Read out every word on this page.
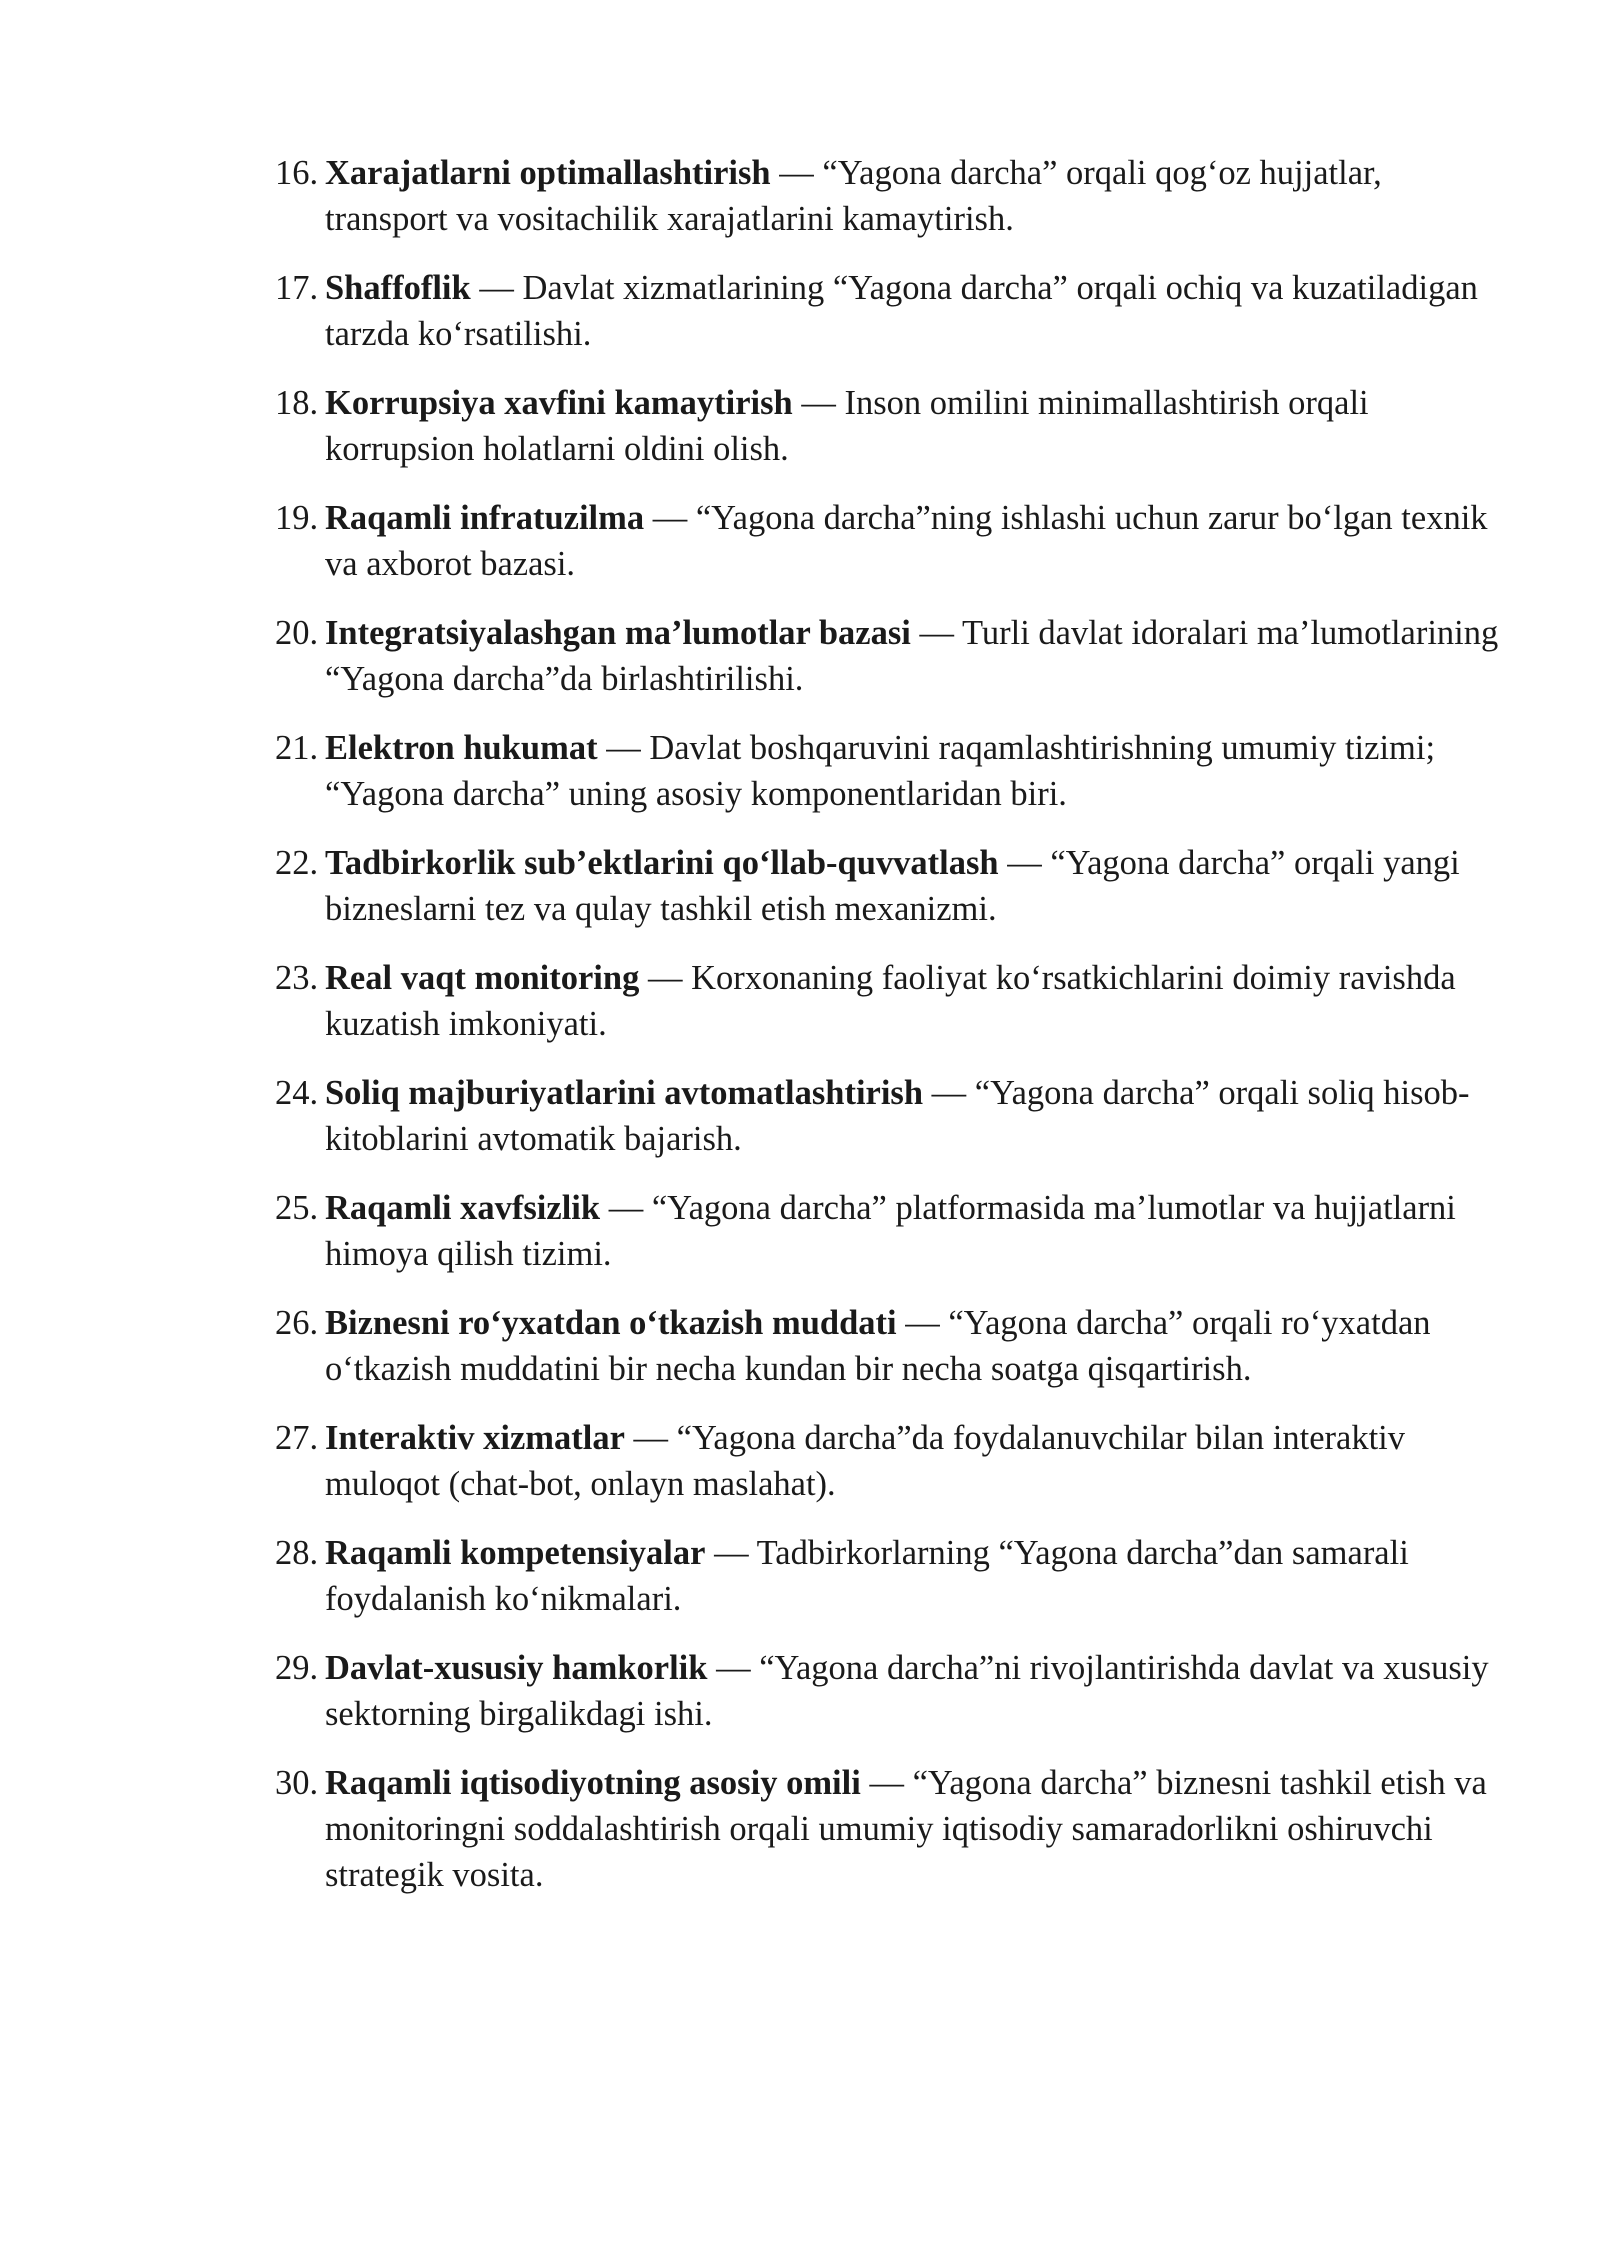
16. Xarajatlarni optimallashtirish — “Yagona darcha” orqali qog‘oz hujjatlar, transport va vositachilik xarajatlarini kamaytirish.
17. Shaffoflik — Davlat xizmatlarining “Yagona darcha” orqali ochiq va kuzatiladigan tarzda ko‘rsatilishi.
18. Korrupsiya xavfini kamaytirish — Inson omilini minimallashtirish orqali korrupsion holatlarni oldini olish.
19. Raqamli infratuzilma — “Yagona darcha”ning ishlashi uchun zarur bo‘lgan texnik va axborot bazasi.
20. Integratsiyalashgan ma’lumotlar bazasi — Turli davlat idoralari ma’lumotlarining “Yagona darcha”da birlashtirilishi.
21. Elektron hukumat — Davlat boshqaruvini raqamlashtirishning umumiy tizimi; “Yagona darcha” uning asosiy komponentlaridan biri.
22. Tadbirkorlik sub’ektlarini qo‘llab-quvvatlash — “Yagona darcha” orqali yangi bizneslarni tez va qulay tashkil etish mexanizmi.
23. Real vaqt monitoring — Korxonaning faoliyat ko‘rsatkichlarini doimiy ravishda kuzatish imkoniyati.
24. Soliq majburiyatlarini avtomatlashtirish — “Yagona darcha” orqali soliq hisob-kitoblarini avtomatik bajarish.
25. Raqamli xavfsizlik — “Yagona darcha” platformasida ma’lumotlar va hujjatlarni himoya qilish tizimi.
26. Biznesni ro‘yxatdan o‘tkazish muddati — “Yagona darcha” orqali ro‘yxatdan o‘tkazish muddatini bir necha kundan bir necha soatga qisqartirish.
27. Interaktiv xizmatlar — “Yagona darcha”da foydalanuvchilar bilan interaktiv muloqot (chat-bot, onlayn maslahat).
28. Raqamli kompetensiyalar — Tadbirkorlarning “Yagona darcha”dan samarali foydalanish ko‘nikmalari.
29. Davlat-xususiy hamkorlik — “Yagona darcha”ni rivojlantirishda davlat va xususiy sektorning birgalikdagi ishi.
30. Raqamli iqtisodiyotning asosiy omili — “Yagona darcha” biznesni tashkil etish va monitoringni soddalashtirish orqali umumiy iqtisodiy samaradorlikni oshiruvchi strategik vosita.
